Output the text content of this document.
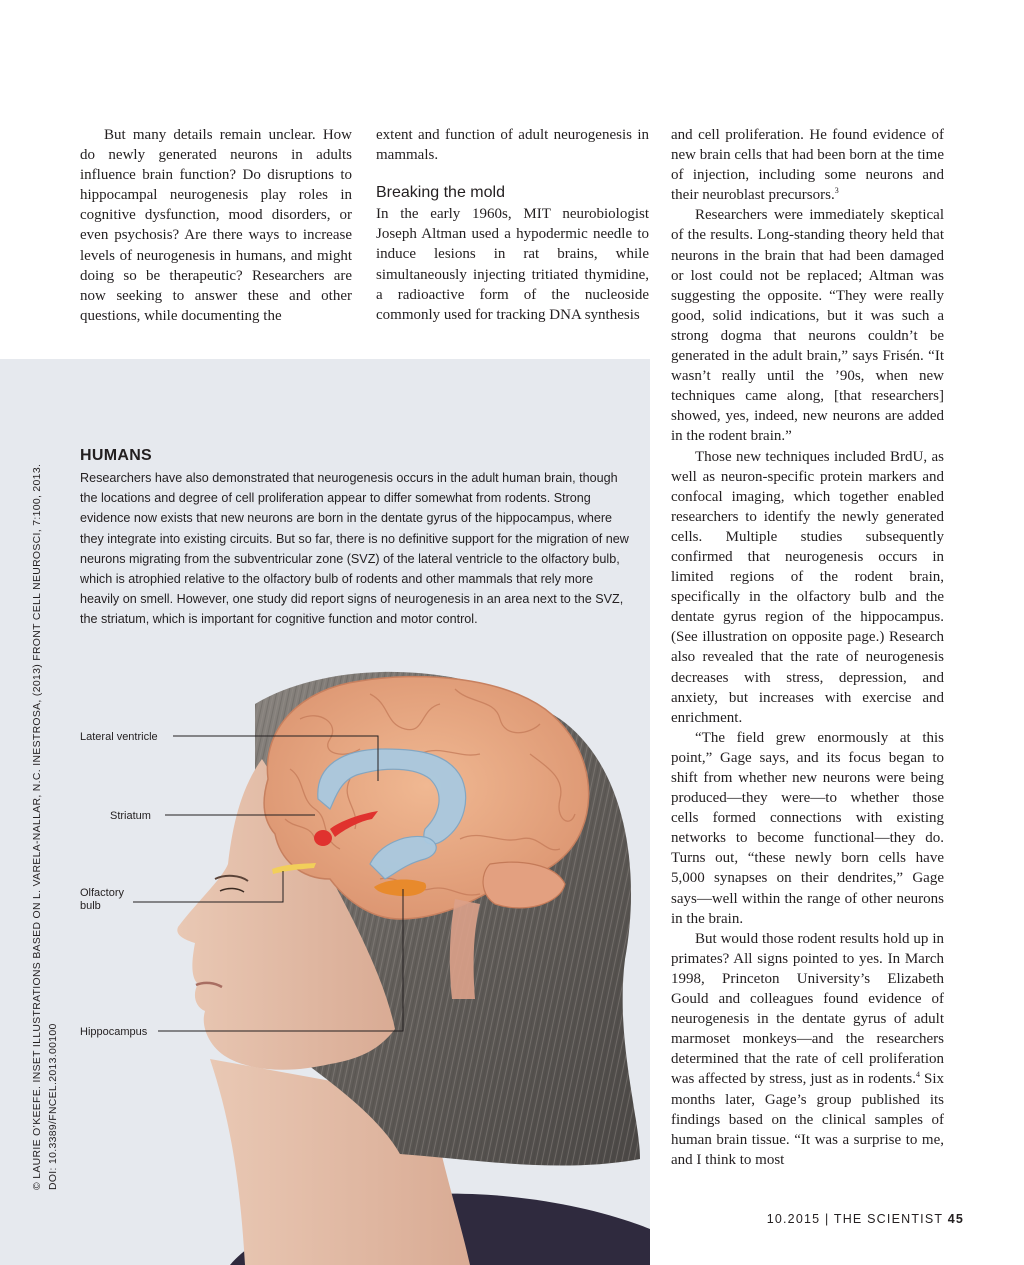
But many details remain unclear. How do newly generated neurons in adults influence brain function? Do disruptions to hippocampal neurogenesis play roles in cognitive dysfunction, mood disorders, or even psychosis? Are there ways to increase levels of neurogenesis in humans, and might doing so be therapeutic? Researchers are now seeking to answer these and other questions, while documenting the

extent and function of adult neurogenesis in mammals.

Breaking the mold

In the early 1960s, MIT neurobiologist Joseph Altman used a hypodermic needle to induce lesions in rat brains, while simultaneously injecting tritiated thymidine, a radioactive form of the nucleoside commonly used for tracking DNA synthesis

and cell proliferation. He found evidence of new brain cells that had been born at the time of injection, including some neurons and their neuroblast precursors.$^3$

Researchers were immediately skeptical of the results. Long-standing theory held that neurons in the brain that had been damaged or lost could not be replaced; Altman was suggesting the opposite. “They were really good, solid indications, but it was such a strong dogma that neurons couldn’t be generated in the adult brain,” says Frisén. “It wasn’t really until the ’90s, when new techniques came along, [that researchers] showed, yes, indeed, new neurons are added in the rodent brain.”

Those new techniques included BrdU, as well as neuron-specific protein markers and confocal imaging, which together enabled researchers to identify the newly generated cells. Multiple studies subsequently confirmed that neurogenesis occurs in limited regions of the rodent brain, specifically in the olfactory bulb and the dentate gyrus region of the hippocampus. (See illustration on opposite page.) Research also revealed that the rate of neurogenesis decreases with stress, depression, and anxiety, but increases with exercise and enrichment.

“The field grew enormously at this point,” Gage says, and its focus began to shift from whether new neurons were being produced—they were—to whether those cells formed connections with existing networks to become functional—they do. Turns out, “these newly born cells have 5,000 synapses on their dendrites,” Gage says—well within the range of other neurons in the brain.

But would those rodent results hold up in primates? All signs pointed to yes. In March 1998, Princeton University’s Elizabeth Gould and colleagues found evidence of neurogenesis in the dentate gyrus of adult marmoset monkeys—and the researchers determined that the rate of cell proliferation was affected by stress, just as in rodents.$^4$ Six months later, Gage’s group published its findings based on the clinical samples of human brain tissue. “It was a surprise to me, and I think to most

HUMANS

Researchers have also demonstrated that neurogenesis occurs in the adult human brain, though the locations and degree of cell proliferation appear to differ somewhat from rodents. Strong evidence now exists that new neurons are born in the dentate gyrus of the hippocampus, where they integrate into existing circuits. But so far, there is no definitive support for the migration of new neurons migrating from the subventricular zone (SVZ) of the lateral ventricle to the olfactory bulb, which is atrophied relative to the olfactory bulb of rodents and other mammals that rely more heavily on smell. However, one study did report signs of neurogenesis in an area next to the SVZ, the striatum, which is important for cognitive function and motor control.

Lateral ventricle
Striatum
Olfactory bulb
Hippocampus
© LAURIE O’KEEFE. INSET ILLUSTRATIONS BASED ON L. VARELA-NALLAR, N.C. INESTROSA, (2013) FRONT CELL NEUROSCI, 7:100, 2013. DOI: 10.3389/FNCEL.2013.00100
10.2015 | THE SCIENTIST 45
